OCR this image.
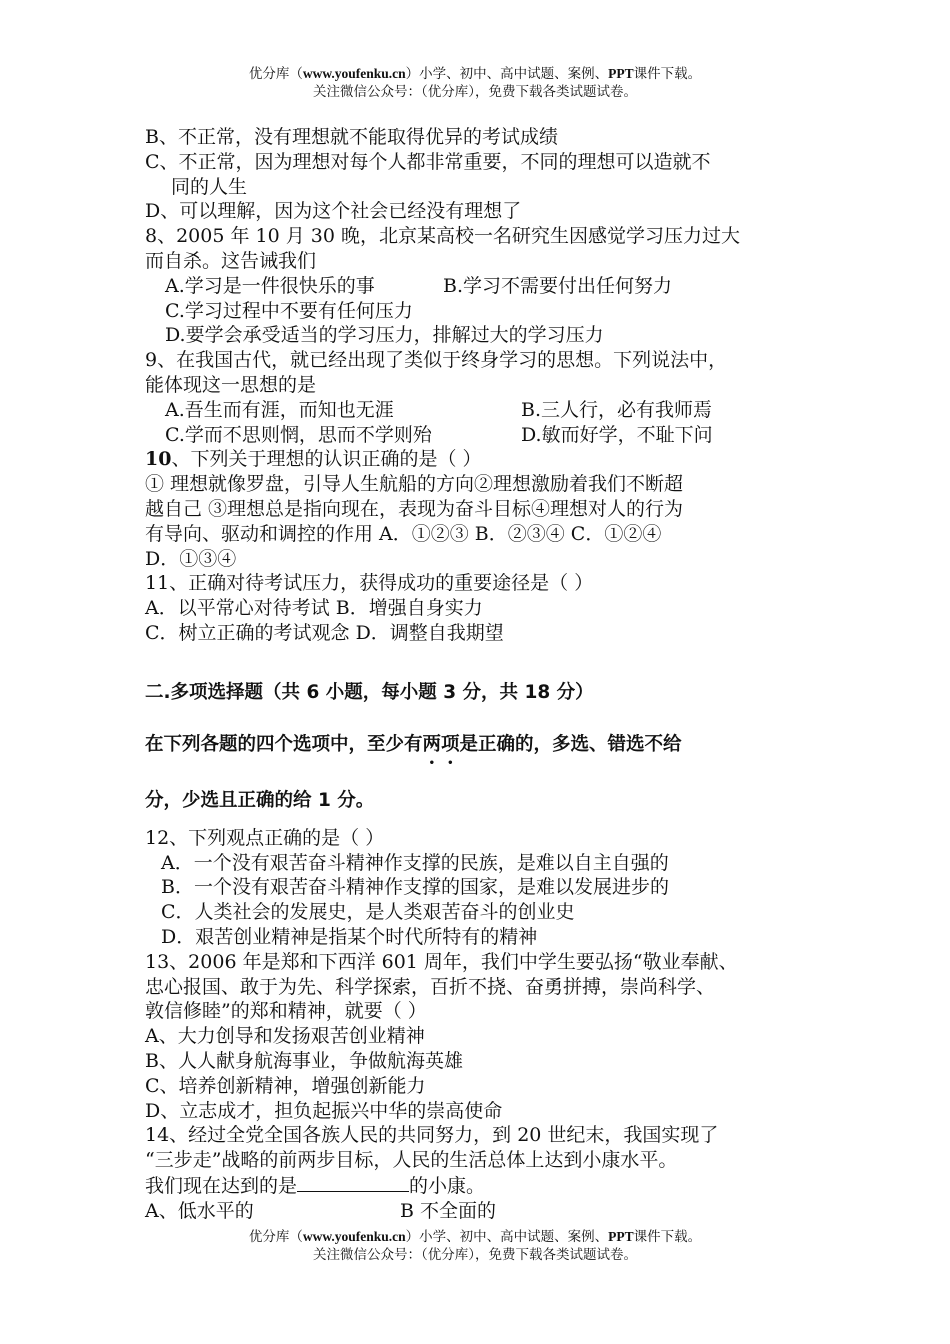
优分库（www.youfenku.cn）小学、初中、高中试题、案例、PPT课件下载。
关注微信公众号：（优分库），免费下载各类试题试卷。
B、不正常，没有理想就不能取得优异的考试成绩
C、不正常，因为理想对每个人都非常重要，不同的理想可以造就不
同的人生
D、可以理解，因为这个社会已经没有理想了
8、2005 年 10 月 30 晚，北京某高校一名研究生因感觉学习压力过大
而自杀。这告诫我们
A.学习是一件很快乐的事	B.学习不需要付出任何努力
C.学习过程中不要有任何压力
D.要学会承受适当的学习压力，排解过大的学习压力
9、在我国古代，就已经出现了类似于终身学习的思想。下列说法中，
能体现这一思想的是
A.吾生而有涯，而知也无涯	B.三人行，必有我师焉
C.学而不思则惘，思而不学则殆	D.敏而好学，不耻下问
10、下列关于理想的认识正确的是（ ）
① 理想就像罗盘，引导人生航船的方向②理想激励着我们不断超
越自己 ③理想总是指向现在，表现为奋斗目标④理想对人的行为
有导向、驱动和调控的作用 A．①②③ B．②③④ C．①②④
D．①③④
11、正确对待考试压力，获得成功的重要途径是（ ）
A．以平常心对待考试 B．增强自身实力
C．树立正确的考试观念 D．调整自我期望
二.多项选择题（共 6 小题，每小题 3 分，共 18 分）
在下列各题的四个选项中，至少有两项是正确的，多选、错选不给
分，少选且正确的给 1 分。
12、下列观点正确的是（ ）
A．一个没有艰苦奋斗精神作支撑的民族，是难以自主自强的
B．一个没有艰苦奋斗精神作支撑的国家，是难以发展进步的
C．人类社会的发展史，是人类艰苦奋斗的创业史
D．艰苦创业精神是指某个时代所特有的精神
13、2006 年是郑和下西洋 601 周年，我们中学生要弘扬“敬业奉献、
忠心报国、敢于为先、科学探索，百折不挠、奋勇拼搏，崇尚科学、
敦信修睦”的郑和精神，就要（ ）
A、大力创导和发扬艰苦创业精神
B、人人献身航海事业，争做航海英雄
C、培养创新精神，增强创新能力
D、立志成才，担负起振兴中华的崇高使命
14、经过全党全国各族人民的共同努力，到 20 世纪末，我国实现了
“三步走”战略的前两步目标，人民的生活总体上达到小康水平。
我们现在达到的是	的小康。
A、低水平的	B 不全面的
优分库（www.youfenku.cn）小学、初中、高中试题、案例、PPT课件下载。
关注微信公众号：（优分库），免费下载各类试题试卷。
